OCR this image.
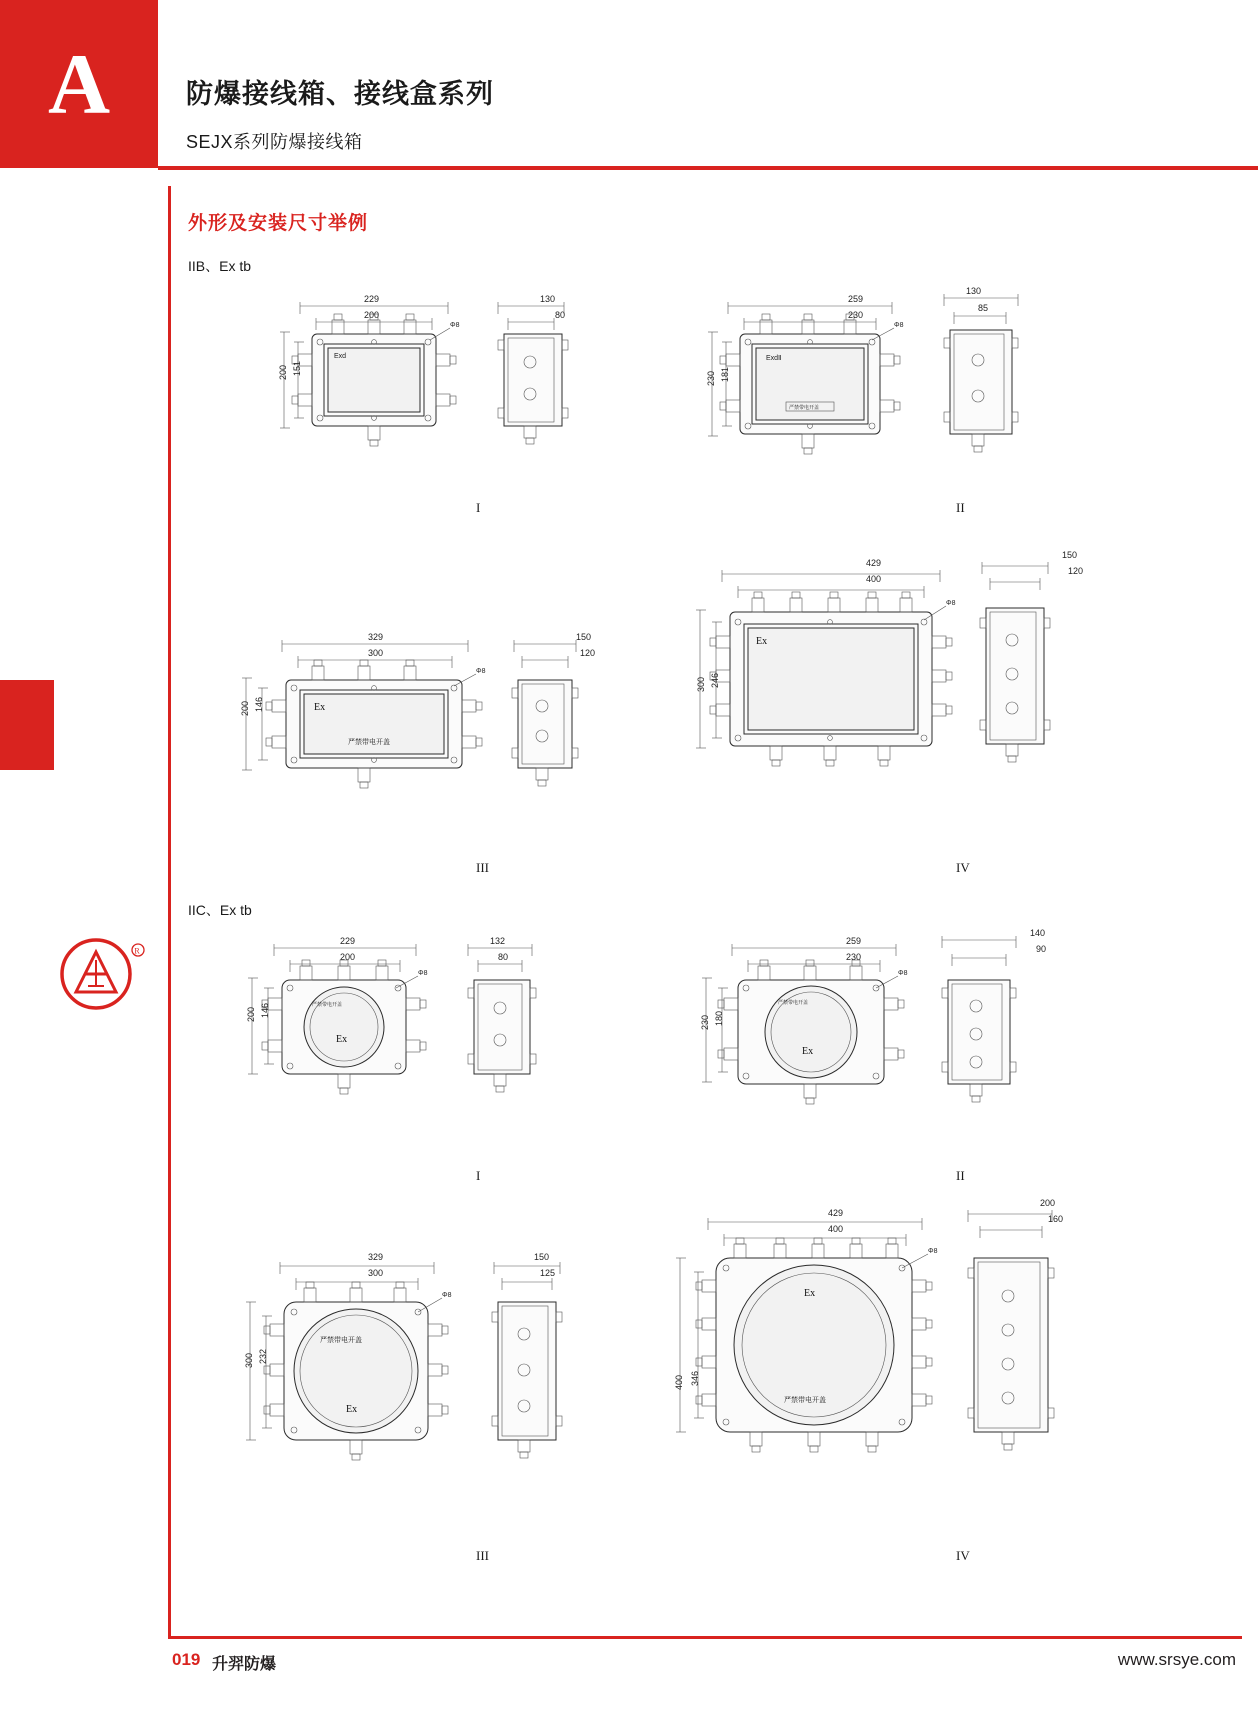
A	防爆接线箱、接线盒系列
SEJX系列防爆接线箱
R
外形及安装尺寸举例
IIB、Ex tb
IIC、Ex tb
Φ8
Exd
229
200
200 151
130
80
I
Φ8
ExdⅡ
严禁带电开盖
259
230
230 181
130
85
II
Φ8
Ex
严禁带电开盖
329
300
200 146
150
120
III
Φ8
Ex
429
400
300 246
150
120
IV
Φ8
严禁带电开盖
Ex
229
200
200 146
132
80
I
Φ8
严禁带电开盖
Ex
259
230
230 180
140
90
II
Φ8
严禁带电开盖
Ex
329
300
300 232
150
125
III
Φ8
Ex
严禁带电开盖
429
400
400 346
200
160
IV
019 升羿防爆	www.srsye.com
